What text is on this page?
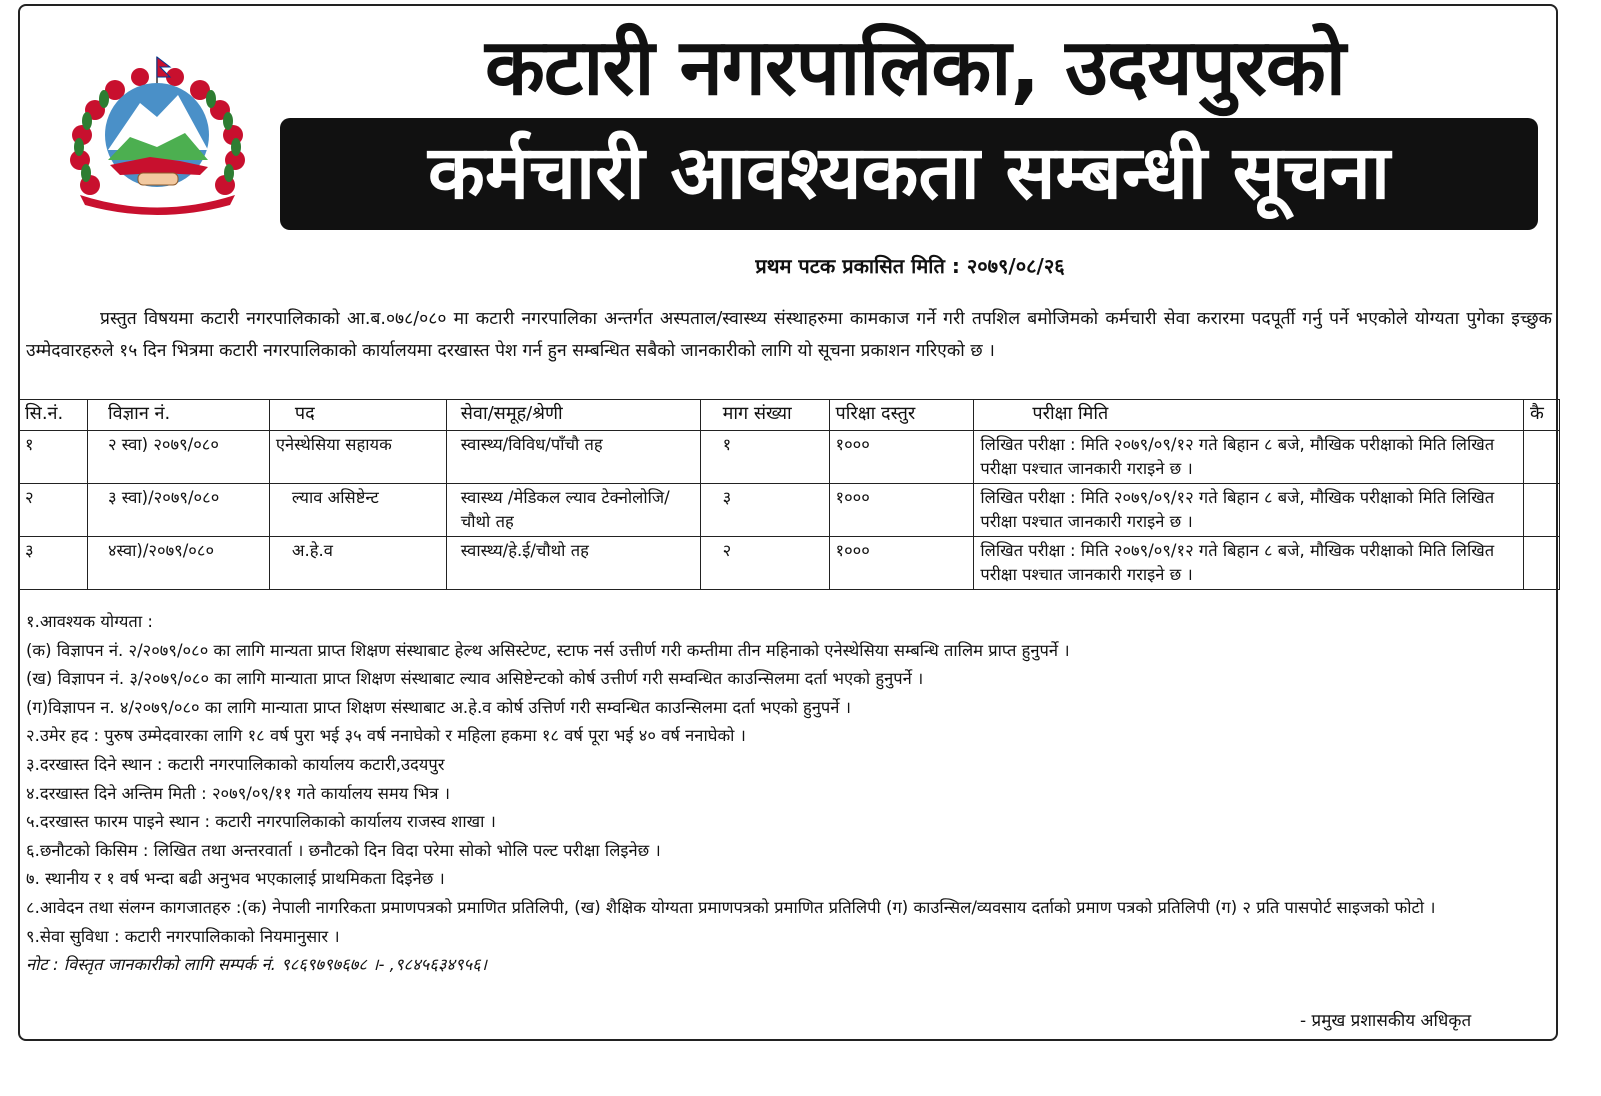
कटारी नगरपालिका, उदयपुरको
कर्मचारी आवश्यकता सम्बन्धी सूचना
प्रथम पटक प्रकासित मिति : २०७९/०८/२६
प्रस्तुत विषयमा कटारी नगरपालिकाको आ.ब.०७८/०८० मा कटारी नगरपालिका अन्तर्गत अस्पताल/स्वास्थ्य संस्थाहरुमा कामकाज गर्ने गरी तपशिल बमोजिमको कर्मचारी सेवा करारमा पदपूर्ती गर्नु पर्ने भएकोले योग्यता पुगेका इच्छुक उम्मेदवारहरुले १५ दिन भित्रमा कटारी नगरपालिकाको कार्यालयमा दरखास्त पेश गर्न हुन सम्बन्धित सबैको जानकारीको लागि यो सूचना प्रकाशन गरिएको छ ।
सि.नं.	विज्ञान नं.	पद	सेवा/समूह/श्रेणी	माग संख्या	परिक्षा दस्तुर	परीक्षा मिति	कै
१	२ स्वा) २०७९/०८०	एनेस्थेसिया सहायक	स्वास्थ्य/विविध/पाँचौ तह	१	१०००	लिखित परीक्षा : मिति २०७९/०९/१२ गते बिहान ८ बजे, मौखिक परीक्षाको मिति लिखित परीक्षा पश्चात जानकारी गराइने छ ।	
२	३ स्वा)/२०७९/०८०	ल्याव असिष्टेन्ट	स्वास्थ्य /मेडिकल ल्याव टेक्नोलोजि/चौथो तह	३	१०००	लिखित परीक्षा : मिति २०७९/०९/१२ गते बिहान ८ बजे, मौखिक परीक्षाको मिति लिखित परीक्षा पश्चात जानकारी गराइने छ ।	
३	४स्वा)/२०७९/०८०	अ.हे.व	स्वास्थ्य/हे.ई/चौथो तह	२	१०००	लिखित परीक्षा : मिति २०७९/०९/१२ गते बिहान ८ बजे, मौखिक परीक्षाको मिति लिखित परीक्षा पश्चात जानकारी गराइने छ ।	
१.आवश्यक योग्यता :
(क) विज्ञापन नं. २/२०७९/०८० का लागि मान्यता प्राप्त शिक्षण संस्थाबाट हेल्थ असिस्टेण्ट, स्टाफ नर्स उत्तीर्ण गरी कम्तीमा तीन महिनाको एनेस्थेसिया सम्बन्धि तालिम प्राप्त हुनुपर्ने ।
(ख) विज्ञापन नं. ३/२०७९/०८० का लागि मान्याता प्राप्त शिक्षण संस्थाबाट ल्याव असिष्टेन्टको कोर्ष उत्तीर्ण गरी सम्वन्धित काउन्सिलमा दर्ता भएको हुनुपर्ने ।
(ग)विज्ञापन न. ४/२०७९/०८० का लागि मान्याता प्राप्त शिक्षण संस्थाबाट अ.हे.व कोर्ष उत्तिर्ण गरी सम्वन्धित काउन्सिलमा दर्ता भएको हुनुपर्ने ।
२.उमेर हद : पुरुष उम्मेदवारका लागि १८ वर्ष पुरा भई ३५ वर्ष ननाघेको र महिला हकमा १८ वर्ष पूरा भई ४० वर्ष ननाघेको ।
३.दरखास्त दिने स्थान : कटारी नगरपालिकाको कार्यालय कटारी,उदयपुर
४.दरखास्त दिने अन्तिम मिती : २०७९/०९/११ गते कार्यालय समय भित्र ।
५.दरखास्त फारम पाइने स्थान : कटारी नगरपालिकाको कार्यालय राजस्व शाखा ।
६.छनौटको किसिम : लिखित तथा अन्तरवार्ता । छनौटको दिन विदा परेमा सोको भोलि पल्ट परीक्षा लिइनेछ ।
७. स्थानीय र १ वर्ष भन्दा बढी अनुभव भएकालाई प्राथमिकता दिइनेछ ।
८.आवेदन तथा संलग्न कागजातहरु :(क) नेपाली नागरिकता प्रमाणपत्रको प्रमाणित प्रतिलिपी, (ख) शैक्षिक योग्यता प्रमाणपत्रको प्रमाणित प्रतिलिपी (ग) काउन्सिल/व्यवसाय दर्ताको प्रमाण पत्रको प्रतिलिपी (ग) २ प्रति पासपोर्ट साइजको फोटो ।
९.सेवा सुविधा : कटारी नगरपालिकाको नियमानुसार ।
नोट : विस्तृत जानकारीको लागि सम्पर्क नं. ९८६९७९७६७८ ।- ,९८४५६३४९५६।
- प्रमुख प्रशासकीय अधिकृत
